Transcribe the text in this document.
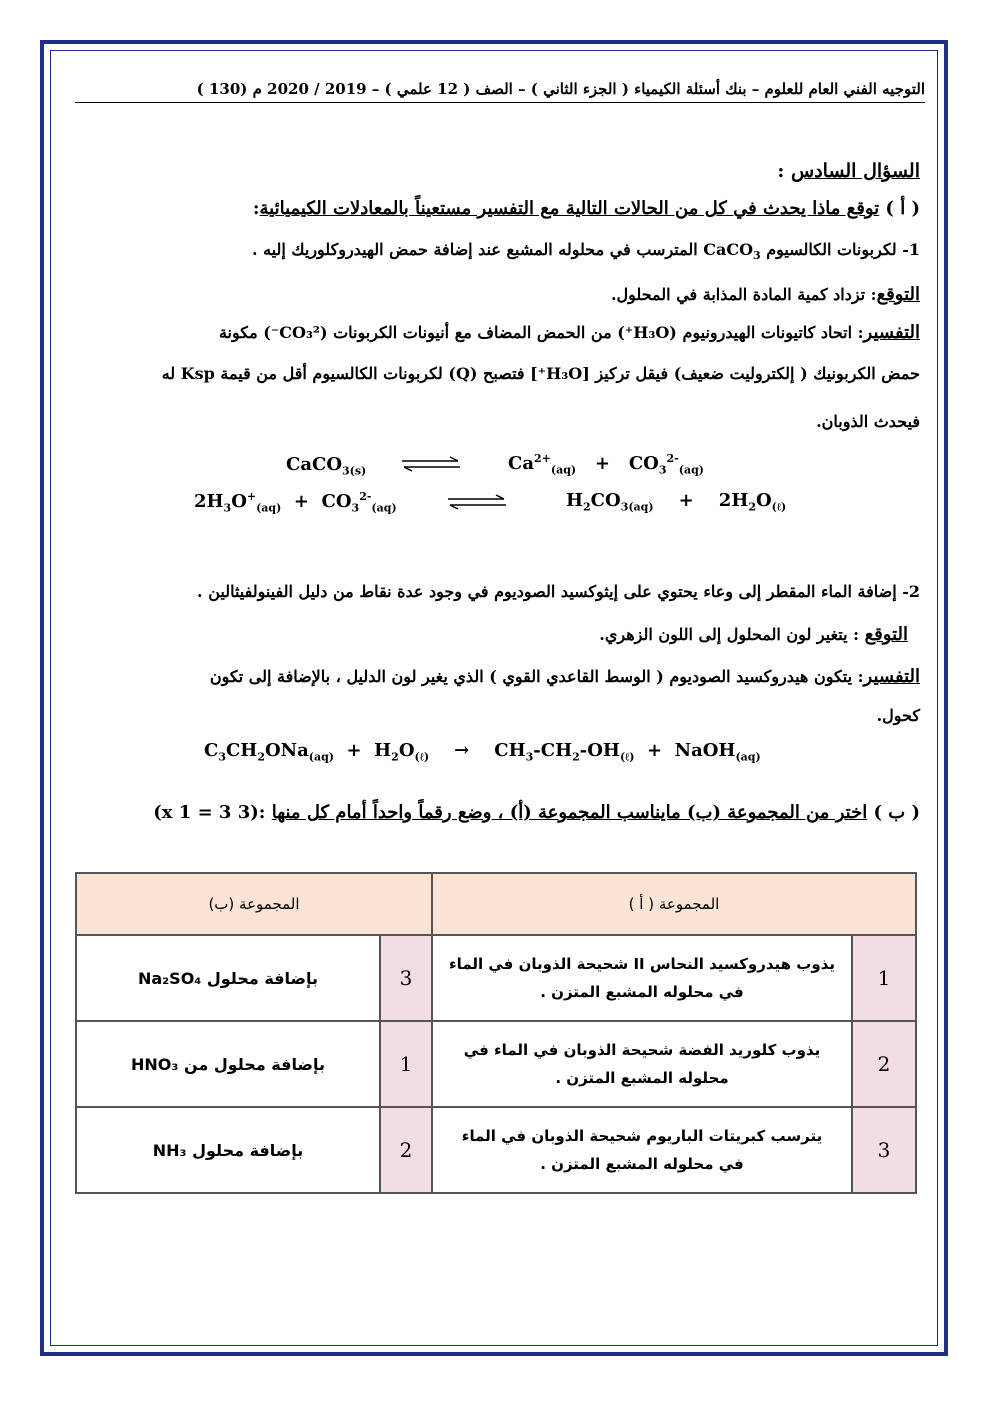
التوجيه الفني العام للعلوم – بنك أسئلة الكيمياء ( الجزء الثاني ) – الصف ( 12 علمي ) – 2019 / 2020 م (130 )
السؤال السادس :
( أ ) توقع ماذا يحدث في كل من الحالات التالية مع التفسير مستعيناً بالمعادلات الكيميائية:
1- لكربونات الكالسيوم CaCO$_3$ المترسب في محلوله المشبع عند إضافة حمض الهيدروكلوريك إليه .
التوقع: تزداد كمية المادة المذابة في المحلول.
التفسير: اتحاد كاتيونات الهيدرونيوم (H₃O⁺) من الحمض المضاف مع أنيونات الكربونات (CO₃²⁻) مكونة
حمض الكربونيك ( إلكتروليت ضعيف) فيقل تركيز [H₃O⁺] فتصبح (Q) لكربونات الكالسيوم أقل من قيمة Ksp له
فيحدث الذوبان.
CaCO$_{3(s)}$	$Ca^{2+}_{(aq)} + CO_3^{2-}_{(aq)}$
$2H_3O^+_{(aq)} + CO_3^{2-}_{(aq)}$	$H_2CO_{3(aq)}$    +    $2H_2O_{(\ell)}$
2- إضافة الماء المقطر إلى وعاء يحتوي على إيثوكسيد الصوديوم في وجود عدة نقاط من دليل الفينولفيثالين .
التوقع : يتغير لون المحلول إلى اللون الزهري.
التفسير: يتكون هيدروكسيد الصوديوم ( الوسط القاعدي القوي ) الذي يغير لون الدليل ، بالإضافة إلى تكون
كحول.
$C_3CH_2ONa_{(aq)} + H_2O_{(\ell)}$ →    $CH_3-CH_2-OH_{(\ell)}$  +  NaOH$_{(aq)}$
( ب ) اختر من المجموعة (ب) مايناسب المجموعة (أ) ، وضع رقماً واحداً أمام كل منها :(3 x 1 = 3)
المجموعة ( أ )		المجموعة (ب)	
1	يذوب هيدروكسيد النحاس II شحيحة الذوبان في الماء في محلوله المشبع المتزن .	3	بإضافة محلول Na₂SO₄
2	يذوب كلوريد الفضة شحيحة الذوبان في الماء في محلوله المشبع المتزن .	1	بإضافة محلول من HNO₃
3	يترسب كبريتات الباريوم شحيحة الذوبان في الماء في محلوله المشبع المتزن .	2	بإضافة محلول NH₃
